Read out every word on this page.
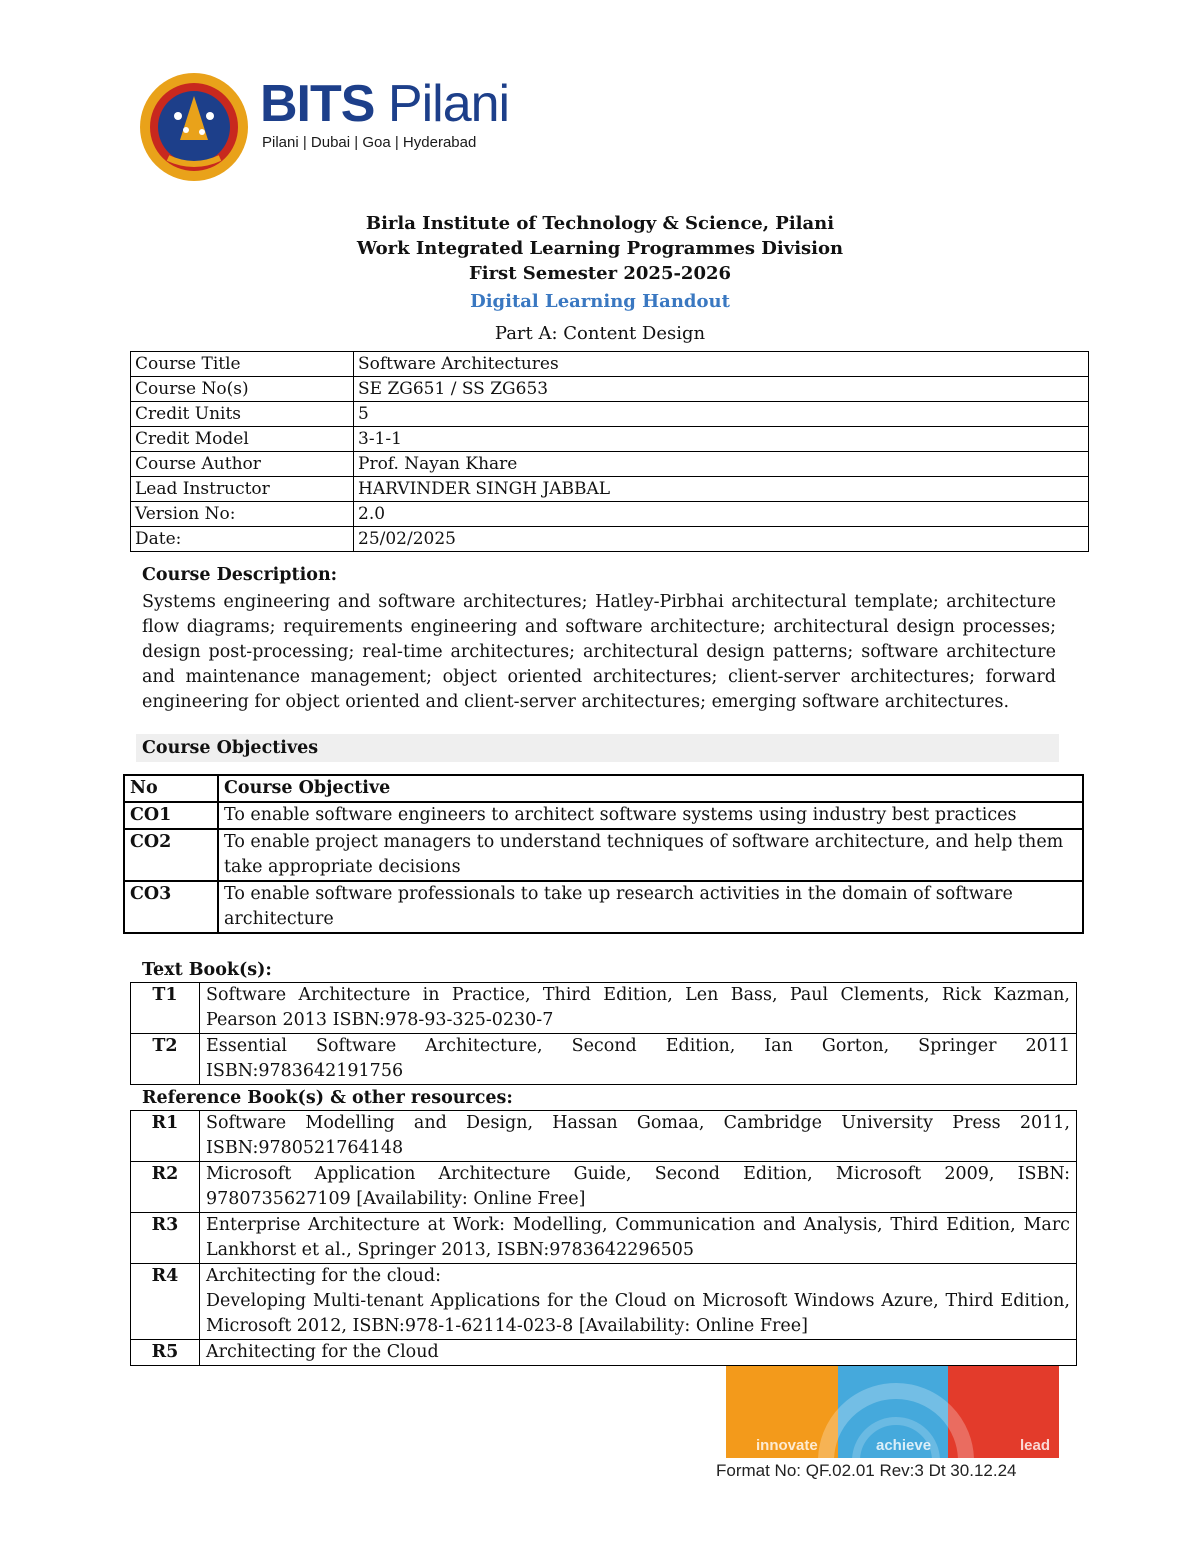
BITS Pilani
Pilani | Dubai | Goa | Hyderabad
Birla Institute of Technology & Science, Pilani
Work Integrated Learning Programmes Division
First Semester 2025-2026
Digital Learning Handout
Part A: Content Design
Course Title	Software Architectures
Course No(s)	SE ZG651 / SS ZG653
Credit Units	5
Credit Model	3-1-1
Course Author	Prof. Nayan Khare
Lead Instructor	HARVINDER SINGH JABBAL
Version No:	2.0
Date:	25/02/2025
Course Description:
Systems engineering and software architectures; Hatley-Pirbhai architectural template; architecture flow diagrams; requirements engineering and software architecture; architectural design processes; design post-processing; real-time architectures; architectural design patterns; software architecture and maintenance management; object oriented architectures; client-server architectures; forward engineering for object oriented and client-server architectures; emerging software architectures.
Course Objectives
No	Course Objective
CO1	To enable software engineers to architect software systems using industry best practices
CO2	To enable project managers to understand techniques of software architecture, and help them take appropriate decisions
CO3	To enable software professionals to take up research activities in the domain of software architecture
Text Book(s):
T1	Software Architecture in Practice, Third Edition, Len Bass, Paul Clements, Rick Kazman, Pearson 2013 ISBN:978-93-325-0230-7
T2	Essential Software Architecture, Second Edition, Ian Gorton, Springer 2011 ISBN:9783642191756
Reference Book(s) & other resources:
R1	Software Modelling and Design, Hassan Gomaa, Cambridge University Press 2011, ISBN:9780521764148
R2	Microsoft Application Architecture Guide, Second Edition, Microsoft 2009, ISBN: 9780735627109 [Availability: Online Free]
R3	Enterprise Architecture at Work: Modelling, Communication and Analysis, Third Edition, Marc Lankhorst et al., Springer 2013, ISBN:9783642296505
R4	Architecting for the cloud:
Developing Multi-tenant Applications for the Cloud on Microsoft Windows Azure, Third Edition, Microsoft 2012, ISBN:978-1-62114-023-8 [Availability: Online Free]

R5	Architecting for the Cloud
innovate	achieve	lead
Format No: QF.02.01 Rev:3 Dt 30.12.24
